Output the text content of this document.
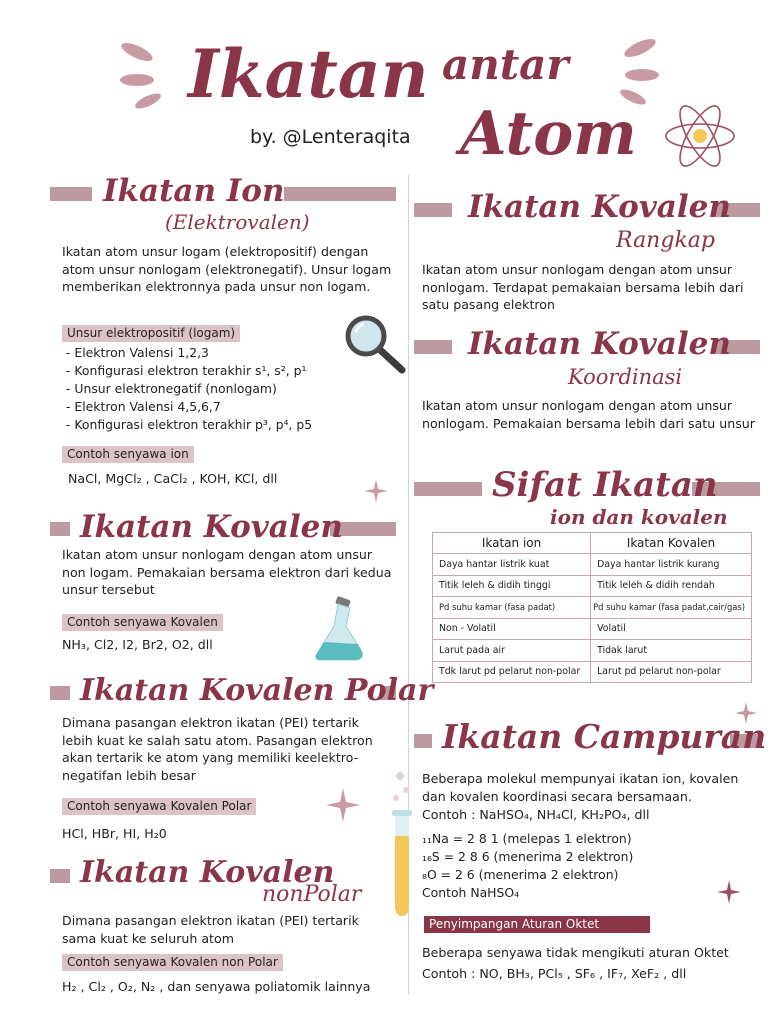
Ikatan antar
Atom
by. @Lenteraqita
Ikatan Ion
(Elektrovalen)
Ikatan atom unsur logam (elektropositif) dengan atom unsur nonlogam (elektronegatif). Unsur logam memberikan elektronnya pada unsur non logam.
Unsur elektropositif (logam)
- Elektron Valensi 1,2,3
- Konfigurasi elektron terakhir s¹, s², p¹
- Unsur elektronegatif (nonlogam)
- Elektron Valensi 4,5,6,7
- Konfigurasi elektron terakhir p³, p⁴, p5
Contoh senyawa ion
NaCl, MgCl₂ , CaCl₂ , KOH, KCl, dll
Ikatan Kovalen
Ikatan atom unsur nonlogam dengan atom unsur non logam. Pemakaian bersama elektron dari kedua unsur tersebut
Contoh senyawa Kovalen
NH₃, Cl2, I2, Br2, O2, dll
Ikatan Kovalen Polar
Dimana pasangan elektron ikatan (PEI) tertarik lebih kuat ke salah satu atom. Pasangan elektron akan tertarik ke atom yang memiliki keelektro-negatifan lebih besar
Contoh senyawa Kovalen Polar
HCl, HBr, HI, H₂0
Ikatan Kovalen
nonPolar
Dimana pasangan elektron ikatan (PEI) tertarik sama kuat ke seluruh atom
Contoh senyawa Kovalen non Polar
H₂ , Cl₂ , O₂, N₂ , dan senyawa poliatomik lainnya
Ikatan Kovalen
Rangkap
Ikatan atom unsur nonlogam dengan atom unsur nonlogam. Terdapat pemakaian bersama lebih dari satu pasang elektron
Ikatan Kovalen
Koordinasi
Ikatan atom unsur nonlogam dengan atom unsur nonlogam. Pemakaian bersama lebih dari satu unsur
Sifat Ikatan
ion dan kovalen
Ikatan ion	Ikatan Kovalen
Daya hantar listrik kuat	Daya hantar listrik kurang
Titik leleh & didih tinggi	Titik leleh & didih rendah
Pd suhu kamar (fasa padat)	Pd suhu kamar (fasa padat,cair/gas)
Non - Volatil	Volatil
Larut pada air	Tidak larut
Tdk larut pd pelarut non-polar	Larut pd pelarut non-polar
Ikatan Campuran
Beberapa molekul mempunyai ikatan ion, kovalen dan kovalen koordinasi secara bersamaan.
Contoh : NaHSO₄, NH₄Cl, KH₂PO₄, dll
₁₁Na = 2 8 1 (melepas 1 elektron)
₁₆S = 2 8 6 (menerima 2 elektron)
₈O = 2 6 (menerima 2 elektron)
Contoh NaHSO₄
Penyimpangan Aturan Oktet
Beberapa senyawa tidak mengikuti aturan Oktet
Contoh : NO, BH₃, PCl₅ , SF₆ , IF₇, XeF₂ , dll
